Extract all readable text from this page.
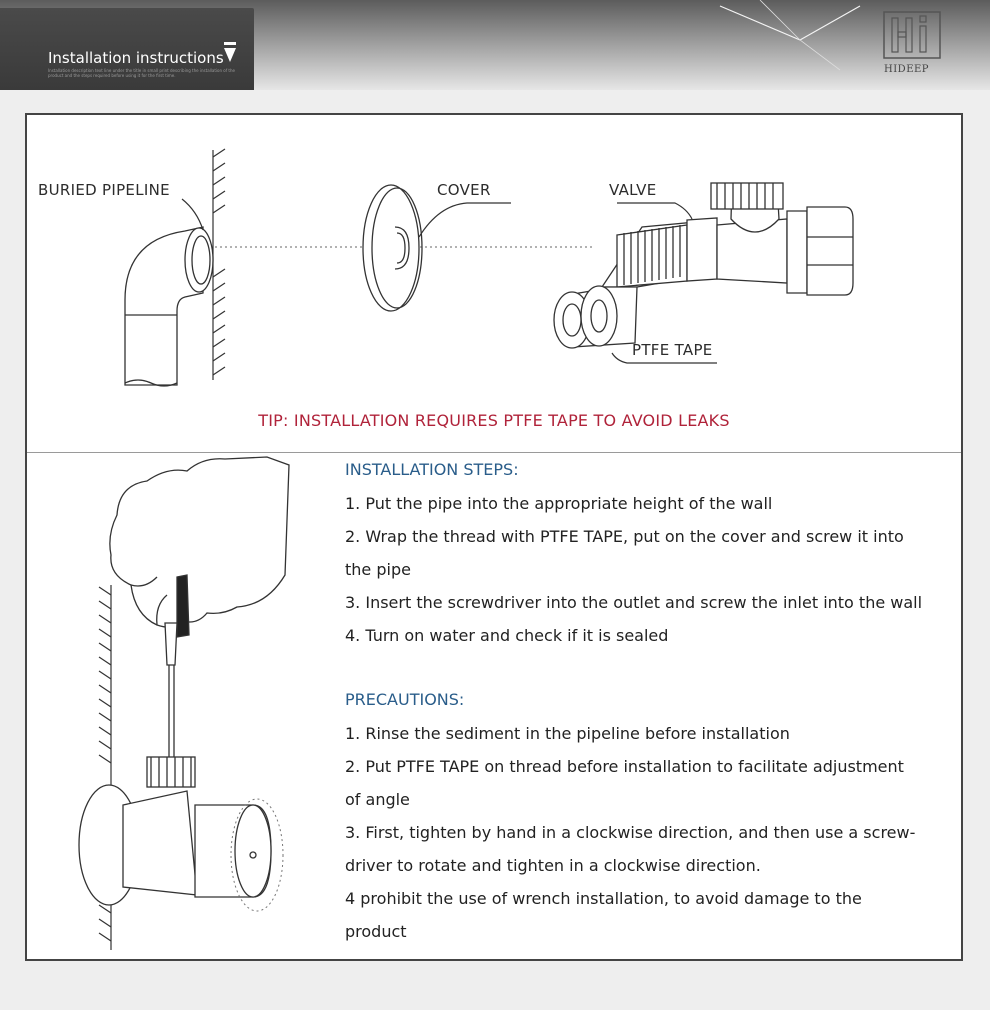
Installation instructions
Installation description text line under the title in small print describing the installation of the product and the steps required before using it for the first time.
HIDEEP
BURIED PIPELINE	COVER	VALVE
PTFE TAPE
TIP: INSTALLATION REQUIRES PTFE TAPE TO AVOID LEAKS
INSTALLATION STEPS:
1. Put the pipe into the appropriate height of the wall
2. Wrap the thread with PTFE TAPE, put on the cover and screw it into
the pipe
3. Insert the screwdriver into the outlet and screw the inlet into the wall
4. Turn on water and check if it is sealed
PRECAUTIONS:
1. Rinse the sediment in the pipeline before installation
2. Put PTFE TAPE on thread before installation to facilitate adjustment
of angle
3. First, tighten by hand in a clockwise direction, and then use a screw-
driver to rotate and tighten in a clockwise direction.
4 prohibit the use of wrench installation, to avoid damage to the
product
